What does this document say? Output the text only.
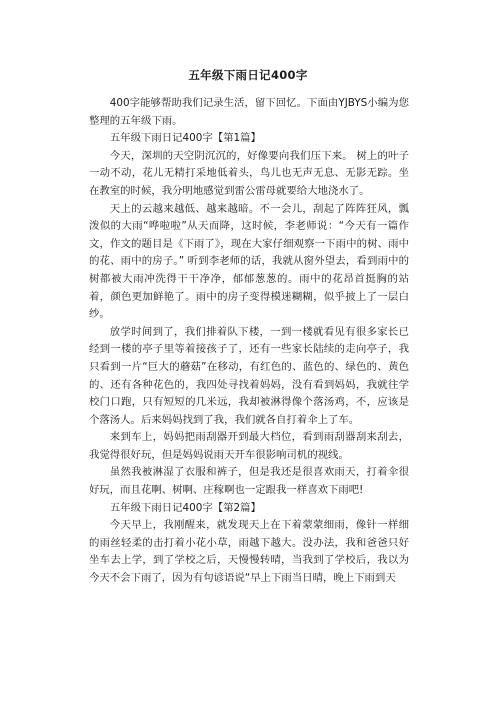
五年级下雨日记400字

400字能够帮助我们记录生活，留下回忆。下面由YJBYS小编为您整理的五年级下雨。

五年级下雨日记400字【第1篇】

今天，深圳的天空阴沉沉的，好像要向我们压下来。 树上的叶子一动不动，花儿无精打采地低着头，鸟儿也无声无息、无影无踪。坐在教室的时候，我分明地感觉到雷公雷母就要给大地浇水了。

天上的云越来越低、越来越暗。不一会儿，刮起了阵阵狂风，瓢泼似的大雨“哗啦啦”从天而降，这时候，李老师说：“今天有一篇作文，作文的题目是《下雨了》，现在大家仔细观察一下雨中的树、雨中的花、雨中的房子。” 听到李老师的话，我就从窗外望去，看到雨中的树都被大雨冲洗得干干净净，郁郁葱葱的。雨中的花昂首挺胸的站着，颜色更加鲜艳了。雨中的房子变得模迷糊糊，似乎披上了一层白纱。

放学时间到了，我们排着队下楼，一到一楼就看见有很多家长已经到一楼的亭子里等着接孩子了，还有一些家长陆续的走向亭子，我只看到一片“巨大的蘑菇”在移动，有红色的、蓝色的、绿色的、黄色的、还有各种花色的，我四处寻找着妈妈，没有看到妈妈，我就往学校门口跑，只有短短的几米远，我却被淋得像个落汤鸡，不，应该是个落汤人。后来妈妈找到了我，我们就各自打着伞上了车。

来到车上，妈妈把雨刮器开到最大档位，看到雨刮器刮来刮去，我觉得很好玩，但是妈妈说雨天开车很影响司机的视线。

虽然我被淋湿了衣服和裤子，但是我还是很喜欢雨天，打着伞很好玩，而且花啊、树啊、庄稼啊也一定跟我一样喜欢下雨吧!

五年级下雨日记400字【第2篇】

今天早上，我刚醒来，就发现天上在下着蒙蒙细雨，像针一样细的雨丝轻柔的击打着小花小草，雨越下越大。没办法，我和爸爸只好坐车去上学，到了学校之后，天慢慢转晴，当我到了学校后，我以为今天不会下雨了，因为有句谚语说“早上下雨当日晴，晚上下雨到天
